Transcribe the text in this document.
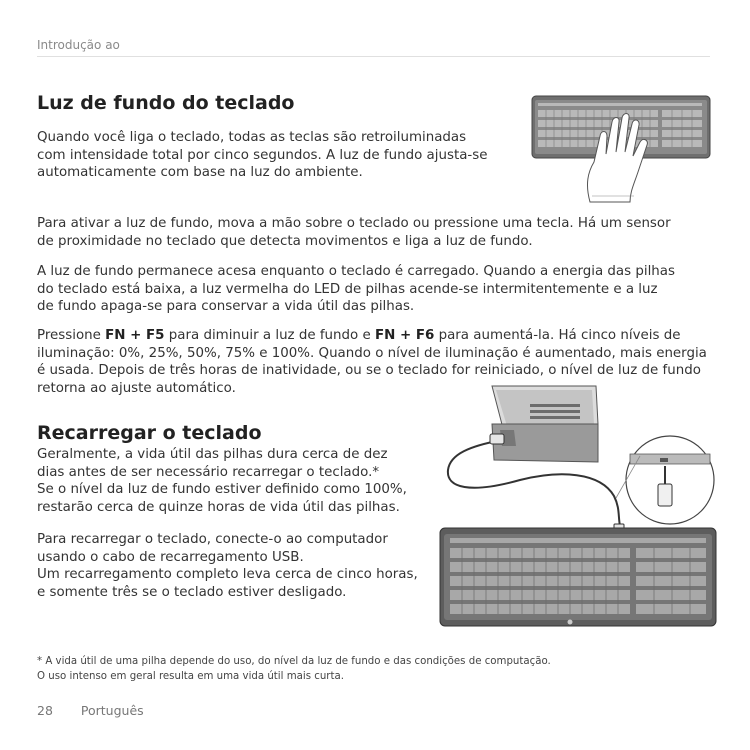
Introdução ao
Luz de fundo do teclado

Quando você liga o teclado, todas as teclas são retroiluminadas
com intensidade total por cinco segundos. A luz de fundo ajusta-se
automaticamente com base na luz do ambiente.

Para ativar a luz de fundo, mova a mão sobre o teclado ou pressione uma tecla. Há um sensor
de proximidade no teclado que detecta movimentos e liga a luz de fundo.

A luz de fundo permanece acesa enquanto o teclado é carregado. Quando a energia das pilhas
do teclado está baixa, a luz vermelha do LED de pilhas acende-se intermitentemente e a luz
de fundo apaga-se para conservar a vida útil das pilhas.

Pressione FN + F5 para diminuir a luz de fundo e FN + F6 para aumentá-la. Há cinco níveis de
iluminação: 0%, 25%, 50%, 75% e 100%. Quando o nível de iluminação é aumentado, mais energia
é usada. Depois de três horas de inatividade, ou se o teclado for reiniciado, o nível de luz de fundo
retorna ao ajuste automático.

Recarregar o teclado

Geralmente, a vida útil das pilhas dura cerca de dez
dias antes de ser necessário recarregar o teclado.*
Se o nível da luz de fundo estiver definido como 100%,
restarão cerca de quinze horas de vida útil das pilhas.

Para recarregar o teclado, conecte-o ao computador
usando o cabo de recarregamento USB.
Um recarregamento completo leva cerca de cinco horas,
e somente três se o teclado estiver desligado.

* A vida útil de uma pilha depende do uso, do nível da luz de fundo e das condições de computação.
O uso intenso em geral resulta em uma vida útil mais curta.
28 Português
